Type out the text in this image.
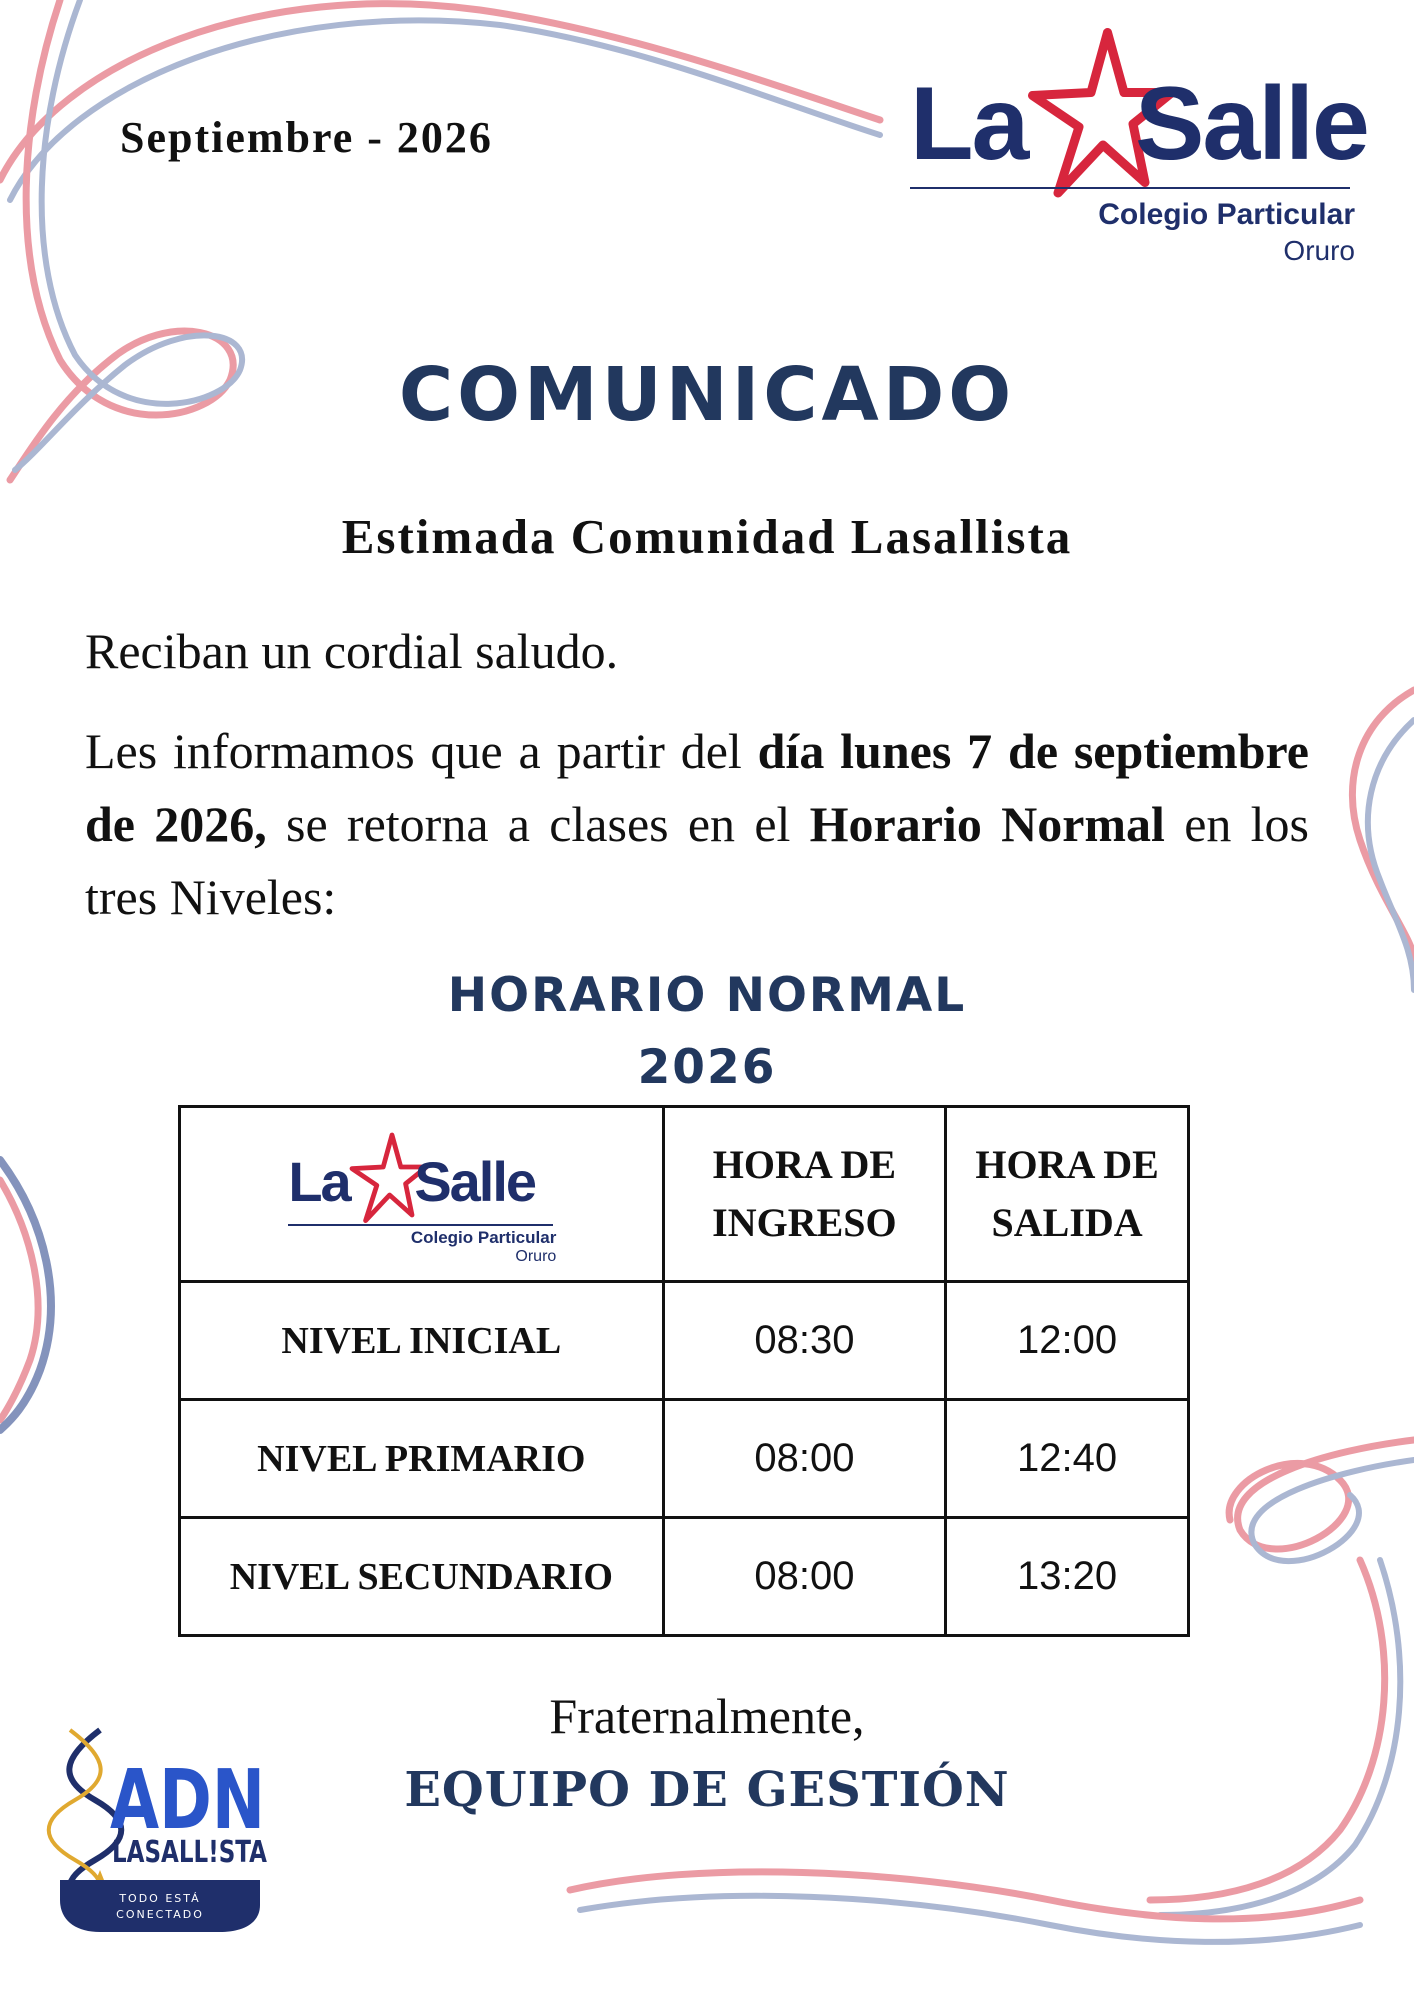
Septiembre - 2026	La Salle
Colegio Particular
Oruro
COMUNICADO
Estimada Comunidad Lasallista
Reciban un cordial saludo.
Les informamos que a partir del día lunes 7 de septiembre de 2026, se retorna a clases en el Horario Normal en los tres Niveles:
HORARIO NORMAL
2026
La Salle
Colegio Particular
Oruro	HORA DE INGRESO	HORA DE SALIDA

NIVEL INICIAL	08:30	12:00
NIVEL PRIMARIO	08:00	12:40
NIVEL SECUNDARIO	08:00	13:20
Fraternalmente,
EQUIPO DE GESTIÓN
ADN
LASALL!STA
TODO ESTÁ
CONECTADO
